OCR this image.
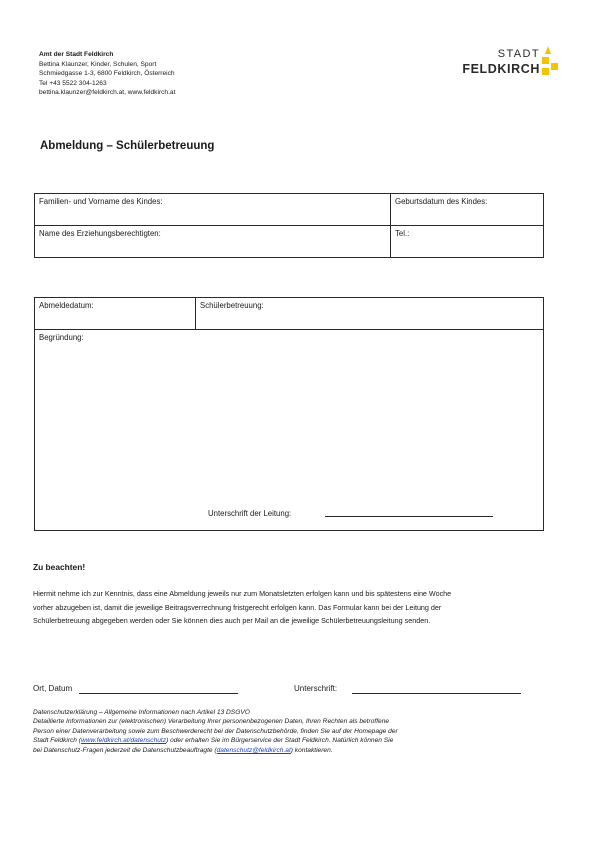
Amt der Stadt Feldkirch
Bettina Klaunzer, Kinder, Schulen, Sport
Schmiedgasse 1-3, 6800 Feldkirch, Österreich
Tel +43 5522 304-1263
bettina.klaunzer@feldkirch.at, www.feldkirch.at
STADT
FELDKIRCH
Abmeldung – Schülerbetreuung
Familien- und Vorname des Kindes:	Geburtsdatum des Kindes:
Name des Erziehungsberechtigten:	Tel.:
Abmeldedatum:	Schülerbetreuung:
Begründung:
Unterschrift der Leitung:
Zu beachten!
Hiermit nehme ich zur Kenntnis, dass eine Abmeldung jeweils nur zum Monatsletzten erfolgen kann und bis spätestens eine Woche
vorher abzugeben ist, damit die jeweilige Beitragsverrechnung fristgerecht erfolgen kann. Das Formular kann bei der Leitung der
Schülerbetreuung abgegeben werden oder Sie können dies auch per Mail an die jeweilige Schülerbetreuungsleitung senden.
Ort, Datum	Unterschrift:
Datenschutzerklärung – Allgemeine Informationen nach Artikel 13 DSGVO
Detaillierte Informationen zur (elektronischen) Verarbeitung Ihrer personenbezogenen Daten, Ihren Rechten als betroffene
Person einer Datenverarbeitung sowie zum Beschwerderecht bei der Datenschutzbehörde, finden Sie auf der Homepage der
Stadt Feldkirch (www.feldkirch.at/datenschutz) oder erhalten Sie im Bürgerservice der Stadt Feldkirch. Natürlich können Sie
bei Datenschutz-Fragen jederzeit die Datenschutzbeauftragte (datenschutz@feldkirch.at) kontaktieren.
